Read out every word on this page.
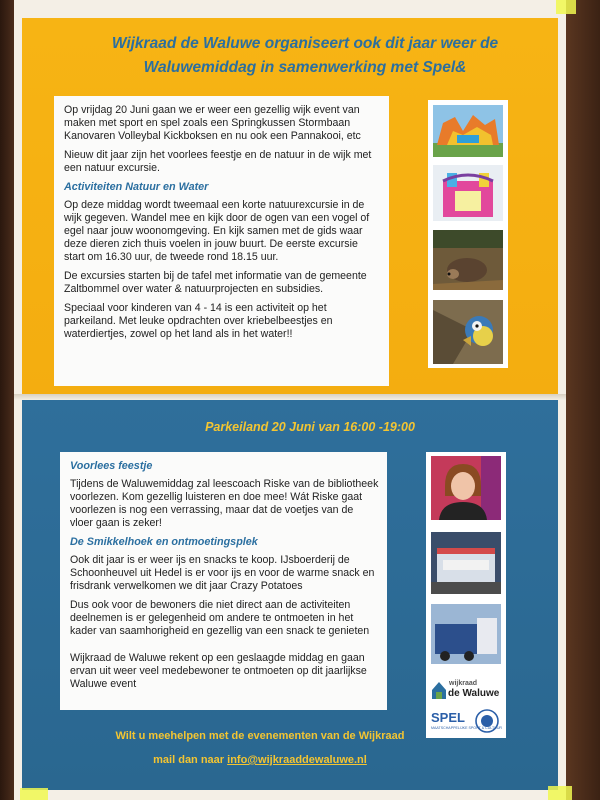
Wijkraad de Waluwe organiseert ook dit jaar weer de
Waluwemiddag in samenwerking met Spel&

Op vrijdag 20 Juni gaan we er weer een gezellig wijk event van maken met sport en spel zoals een Springkussen Stormbaan Kanovaren Volleybal Kickboksen en nu ook een Pannakooi, etc

Nieuw dit jaar zijn het voorlees feestje en de natuur in de wijk met een natuur excursie.

Activiteiten Natuur en Water

Op deze middag wordt tweemaal een korte natuurexcursie in de wijk gegeven. Wandel mee en kijk door de ogen van een vogel of egel naar jouw woonomgeving. En kijk samen met de gids waar deze dieren zich thuis voelen in jouw buurt. De eerste excursie start om 16.30 uur, de tweede rond 18.15 uur.

De excursies starten bij de tafel met informatie van de gemeente Zaltbommel over water & natuurprojecten en subsidies.

Speciaal voor kinderen van 4 - 14 is een activiteit op het parkeiland. Met leuke opdrachten over kriebelbeestjes en waterdiertjes, zowel op het land als in het water!!

Parkeiland 20 Juni van 16:00 -19:00
Voorlees feestje

Tijdens de Waluwemiddag zal leescoach Riske van de bibliotheek voorlezen. Kom gezellig luisteren en doe mee! Wát Riske gaat voorlezen is nog een verrassing, maar dat de voetjes van de vloer gaan is zeker!

De Smikkelhoek en ontmoetingsplek

Ook dit jaar is er weer ijs en snacks te koop. IJsboerderij de Schoonheuvel uit Hedel is er voor ijs en voor de warme snack en frisdrank verwelkomen we dit jaar Crazy Potatoes

Dus ook voor de bewoners die niet direct aan de activiteiten deelnemen is er gelegenheid om andere te ontmoeten in het kader van saamhorigheid en gezellig van een snack te genieten

Wijkraad de Waluwe rekent op een geslaagde middag en gaan ervan uit weer veel medebewoner te ontmoeten op dit jaarlijkse Waluwe event	wijkraad
de Waluwe
SPEL
MAATSCHAPPELIJKE SPORT & CULTUUR
Wilt u meehelpen met de evenementen van de Wijkraad
mail dan naar info@wijkraaddewaluwe.nl
